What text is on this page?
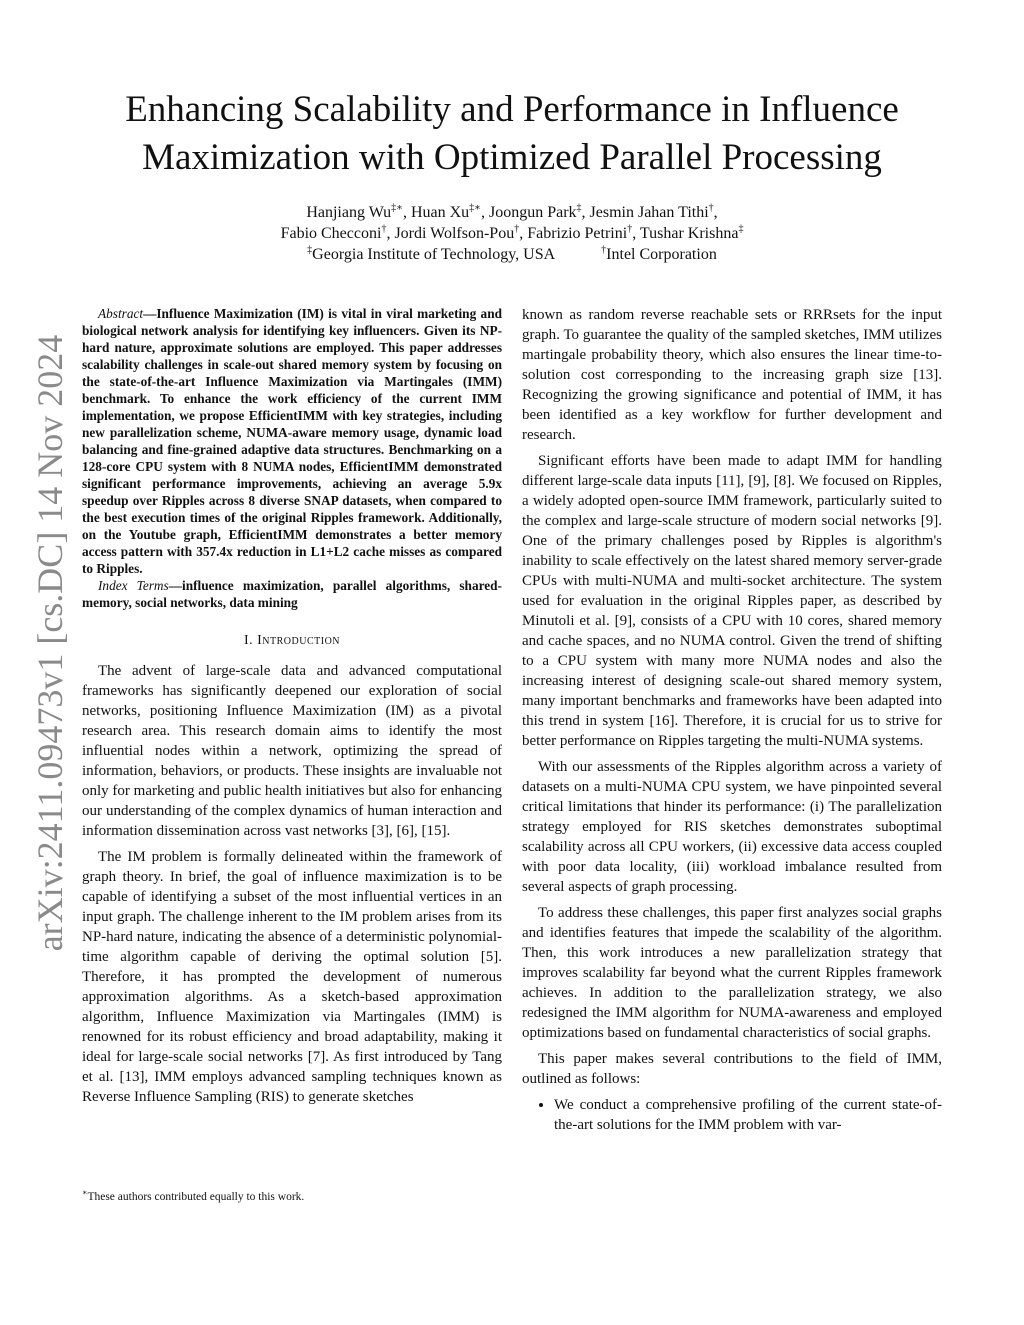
arXiv:2411.09473v1 [cs.DC] 14 Nov 2024
Enhancing Scalability and Performance in Influence Maximization with Optimized Parallel Processing
Hanjiang Wu‡∗, Huan Xu‡∗, Joongun Park‡, Jesmin Jahan Tithi†,
Fabio Checconi†, Jordi Wolfson-Pou†, Fabrizio Petrini†, Tushar Krishna‡
‡Georgia Institute of Technology, USA	†Intel Corporation

Abstract—Influence Maximization (IM) is vital in viral marketing and biological network analysis for identifying key influencers. Given its NP-hard nature, approximate solutions are employed. This paper addresses scalability challenges in scale-out shared memory system by focusing on the state-of-the-art Influence Maximization via Martingales (IMM) benchmark. To enhance the work efficiency of the current IMM implementation, we propose EfficientIMM with key strategies, including new parallelization scheme, NUMA-aware memory usage, dynamic load balancing and fine-grained adaptive data structures. Benchmarking on a 128-core CPU system with 8 NUMA nodes, EfficientIMM demonstrated significant performance improvements, achieving an average 5.9x speedup over Ripples across 8 diverse SNAP datasets, when compared to the best execution times of the original Ripples framework. Additionally, on the Youtube graph, EfficientIMM demonstrates a better memory access pattern with 357.4x reduction in L1+L2 cache misses as compared to Ripples.

Index Terms—influence maximization, parallel algorithms, shared-memory, social networks, data mining

I. Introduction

The advent of large-scale data and advanced computational frameworks has significantly deepened our exploration of social networks, positioning Influence Maximization (IM) as a pivotal research area. This research domain aims to identify the most influential nodes within a network, optimizing the spread of information, behaviors, or products. These insights are invaluable not only for marketing and public health initiatives but also for enhancing our understanding of the complex dynamics of human interaction and information dissemination across vast networks [3], [6], [15].

The IM problem is formally delineated within the framework of graph theory. In brief, the goal of influence maximization is to be capable of identifying a subset of the most influential vertices in an input graph. The challenge inherent to the IM problem arises from its NP-hard nature, indicating the absence of a deterministic polynomial-time algorithm capable of deriving the optimal solution [5]. Therefore, it has prompted the development of numerous approximation algorithms. As a sketch-based approximation algorithm, Influence Maximization via Martingales (IMM) is renowned for its robust efficiency and broad adaptability, making it ideal for large-scale social networks [7]. As first introduced by Tang et al. [13], IMM employs advanced sampling techniques known as Reverse Influence Sampling (RIS) to generate sketches

known as random reverse reachable sets or RRRsets for the input graph. To guarantee the quality of the sampled sketches, IMM utilizes martingale probability theory, which also ensures the linear time-to-solution cost corresponding to the increasing graph size [13]. Recognizing the growing significance and potential of IMM, it has been identified as a key workflow for further development and research.

Significant efforts have been made to adapt IMM for handling different large-scale data inputs [11], [9], [8]. We focused on Ripples, a widely adopted open-source IMM framework, particularly suited to the complex and large-scale structure of modern social networks [9]. One of the primary challenges posed by Ripples is algorithm's inability to scale effectively on the latest shared memory server-grade CPUs with multi-NUMA and multi-socket architecture. The system used for evaluation in the original Ripples paper, as described by Minutoli et al. [9], consists of a CPU with 10 cores, shared memory and cache spaces, and no NUMA control. Given the trend of shifting to a CPU system with many more NUMA nodes and also the increasing interest of designing scale-out shared memory system, many important benchmarks and frameworks have been adapted into this trend in system [16]. Therefore, it is crucial for us to strive for better performance on Ripples targeting the multi-NUMA systems.

With our assessments of the Ripples algorithm across a variety of datasets on a multi-NUMA CPU system, we have pinpointed several critical limitations that hinder its performance: (i) The parallelization strategy employed for RIS sketches demonstrates suboptimal scalability across all CPU workers, (ii) excessive data access coupled with poor data locality, (iii) workload imbalance resulted from several aspects of graph processing.

To address these challenges, this paper first analyzes social graphs and identifies features that impede the scalability of the algorithm. Then, this work introduces a new parallelization strategy that improves scalability far beyond what the current Ripples framework achieves. In addition to the parallelization strategy, we also redesigned the IMM algorithm for NUMA-awareness and employed optimizations based on fundamental characteristics of social graphs.

This paper makes several contributions to the field of IMM, outlined as follows:

• We conduct a comprehensive profiling of the current state-of-the-art solutions for the IMM problem with var-
∗These authors contributed equally to this work.
